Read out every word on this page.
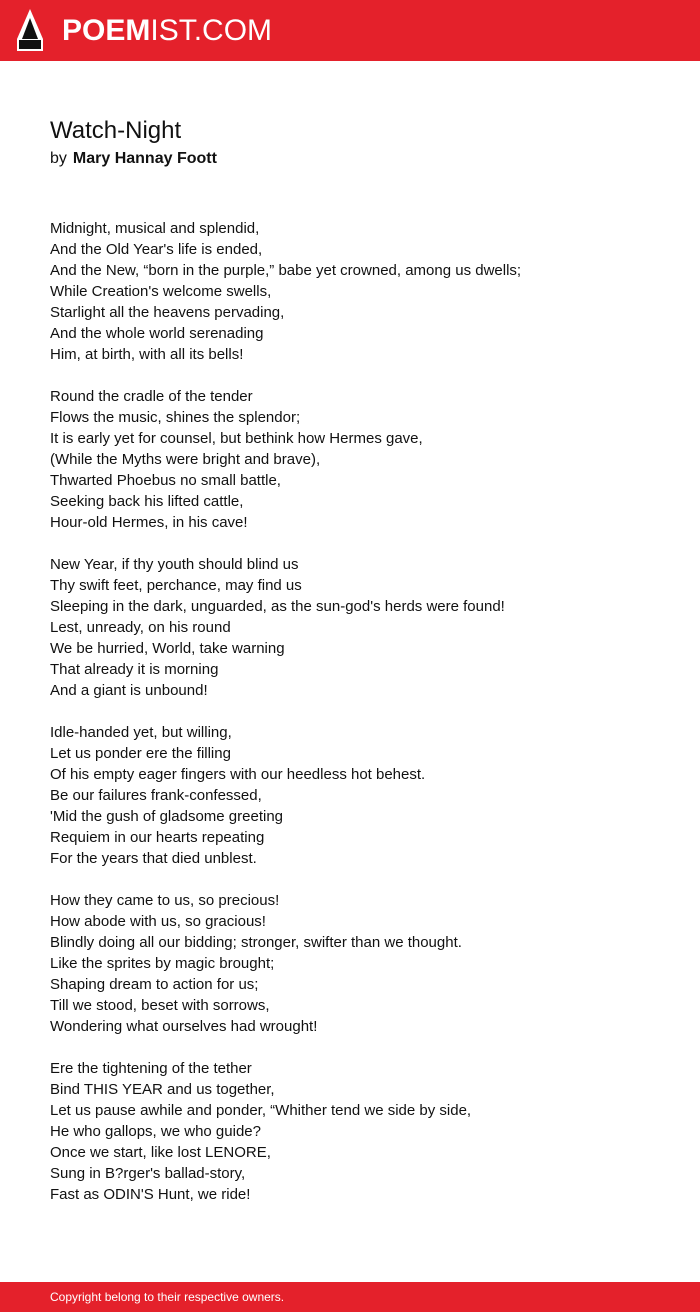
POEMIST.COM
Watch-Night
by Mary Hannay Foott
Midnight, musical and splendid,
And the Old Year's life is ended,
And the New, “born in the purple,” babe yet crowned, among us dwells;
While Creation's welcome swells,
Starlight all the heavens pervading,
And the whole world serenading
Him, at birth, with all its bells!
Round the cradle of the tender
Flows the music, shines the splendor;
It is early yet for counsel, but bethink how Hermes gave,
(While the Myths were bright and brave),
Thwarted Phoebus no small battle,
Seeking back his lifted cattle,
Hour-old Hermes, in his cave!
New Year, if thy youth should blind us
Thy swift feet, perchance, may find us
Sleeping in the dark, unguarded, as the sun-god's herds were found!
Lest, unready, on his round
We be hurried, World, take warning
That already it is morning
And a giant is unbound!
Idle-handed yet, but willing,
Let us ponder ere the filling
Of his empty eager fingers with our heedless hot behest.
Be our failures frank-confessed,
'Mid the gush of gladsome greeting
Requiem in our hearts repeating
For the years that died unblest.
How they came to us, so precious!
How abode with us, so gracious!
Blindly doing all our bidding; stronger, swifter than we thought.
Like the sprites by magic brought;
Shaping dream to action for us;
Till we stood, beset with sorrows,
Wondering what ourselves had wrought!
Ere the tightening of the tether
Bind THIS YEAR and us together,
Let us pause awhile and ponder, “Whither tend we side by side,
He who gallops, we who guide?
Once we start, like lost LENORE,
Sung in B?rger's ballad-story,
Fast as ODIN'S Hunt, we ride!
Copyright belong to their respective owners.
